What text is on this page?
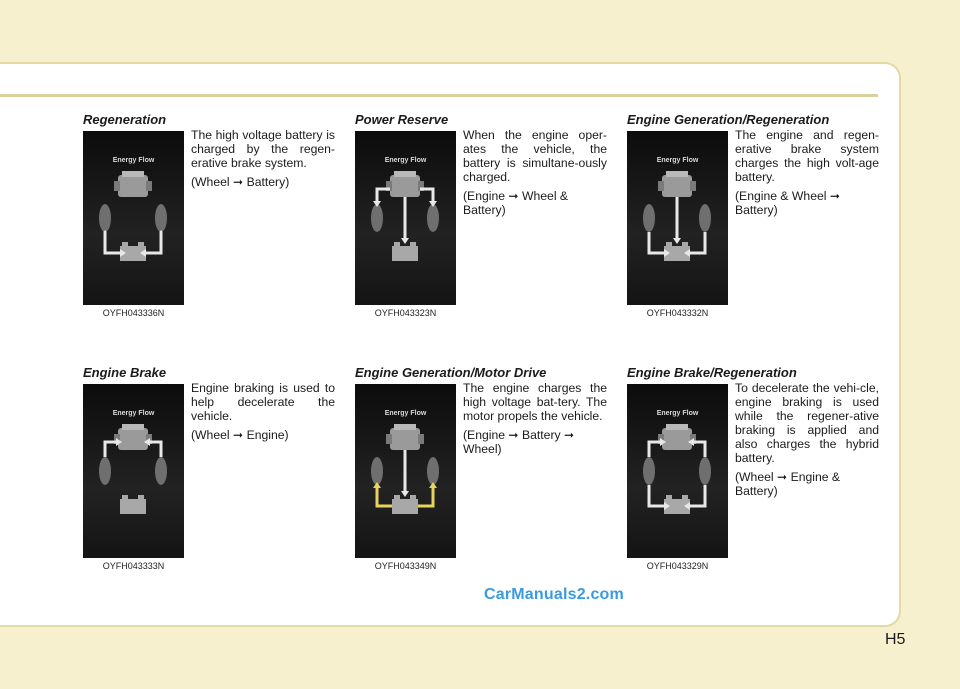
Regeneration
Energy Flow
OYFH043336N

The high voltage battery is charged by the regen-erative brake system.

(Wheel ➞ Battery)

Power Reserve
Energy Flow
OYFH043323N

When the engine oper-ates the vehicle, the battery is simultane-ously charged.

(Engine ➞ Wheel & Battery)

Engine Generation/Regeneration
Energy Flow
OYFH043332N

The engine and regen-erative brake system charges the high volt-age battery.

(Engine & Wheel ➞ Battery)

Engine Brake
Energy Flow
OYFH043333N

Engine braking is used to help decelerate the vehicle.

(Wheel ➞ Engine)

Engine Generation/Motor Drive
Energy Flow
OYFH043349N

The engine charges the high voltage bat-tery. The motor propels the vehicle.

(Engine ➞ Battery ➞ Wheel)

Engine Brake/Regeneration
Energy Flow
OYFH043329N

To decelerate the vehi-cle, engine braking is used while the regener-ative braking is applied and also charges the hybrid battery.

(Wheel ➞ Engine & Battery)

CarManuals2.com
H5
